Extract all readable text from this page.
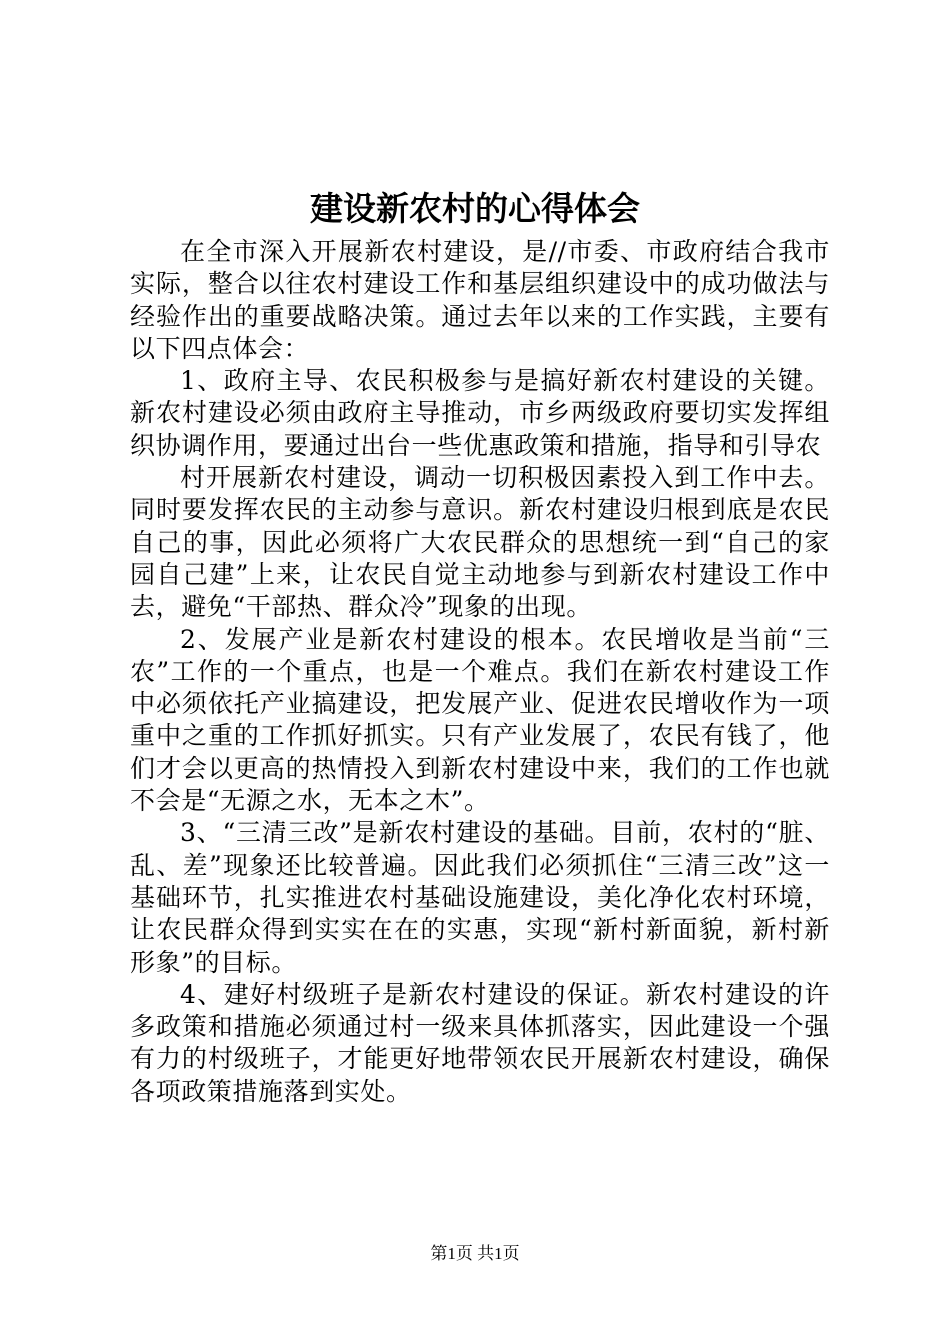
建设新农村的心得体会

在全市深入开展新农村建设，是//市委、市政府结合我市实际，整合以往农村建设工作和基层组织建设中的成功做法与经验作出的重要战略决策。通过去年以来的工作实践，主要有以下四点体会：

1、政府主导、农民积极参与是搞好新农村建设的关键。新农村建设必须由政府主导推动，市乡两级政府要切实发挥组织协调作用，要通过出台一些优惠政策和措施，指导和引导农

村开展新农村建设，调动一切积极因素投入到工作中去。同时要发挥农民的主动参与意识。新农村建设归根到底是农民自己的事，因此必须将广大农民群众的思想统一到“自己的家园自己建”上来，让农民自觉主动地参与到新农村建设工作中去，避免“干部热、群众冷”现象的出现。

2、发展产业是新农村建设的根本。农民增收是当前“三农”工作的一个重点，也是一个难点。我们在新农村建设工作中必须依托产业搞建设，把发展产业、促进农民增收作为一项重中之重的工作抓好抓实。只有产业发展了，农民有钱了，他们才会以更高的热情投入到新农村建设中来，我们的工作也就不会是“无源之水，无本之木”。

3、“三清三改”是新农村建设的基础。目前，农村的“脏、乱、差”现象还比较普遍。因此我们必须抓住“三清三改”这一基础环节，扎实推进农村基础设施建设，美化净化农村环境，让农民群众得到实实在在的实惠，实现“新村新面貌，新村新形象”的目标。

4、建好村级班子是新农村建设的保证。新农村建设的许多政策和措施必须通过村一级来具体抓落实，因此建设一个强有力的村级班子，才能更好地带领农民开展新农村建设，确保各项政策措施落到实处。

第1页 共1页
